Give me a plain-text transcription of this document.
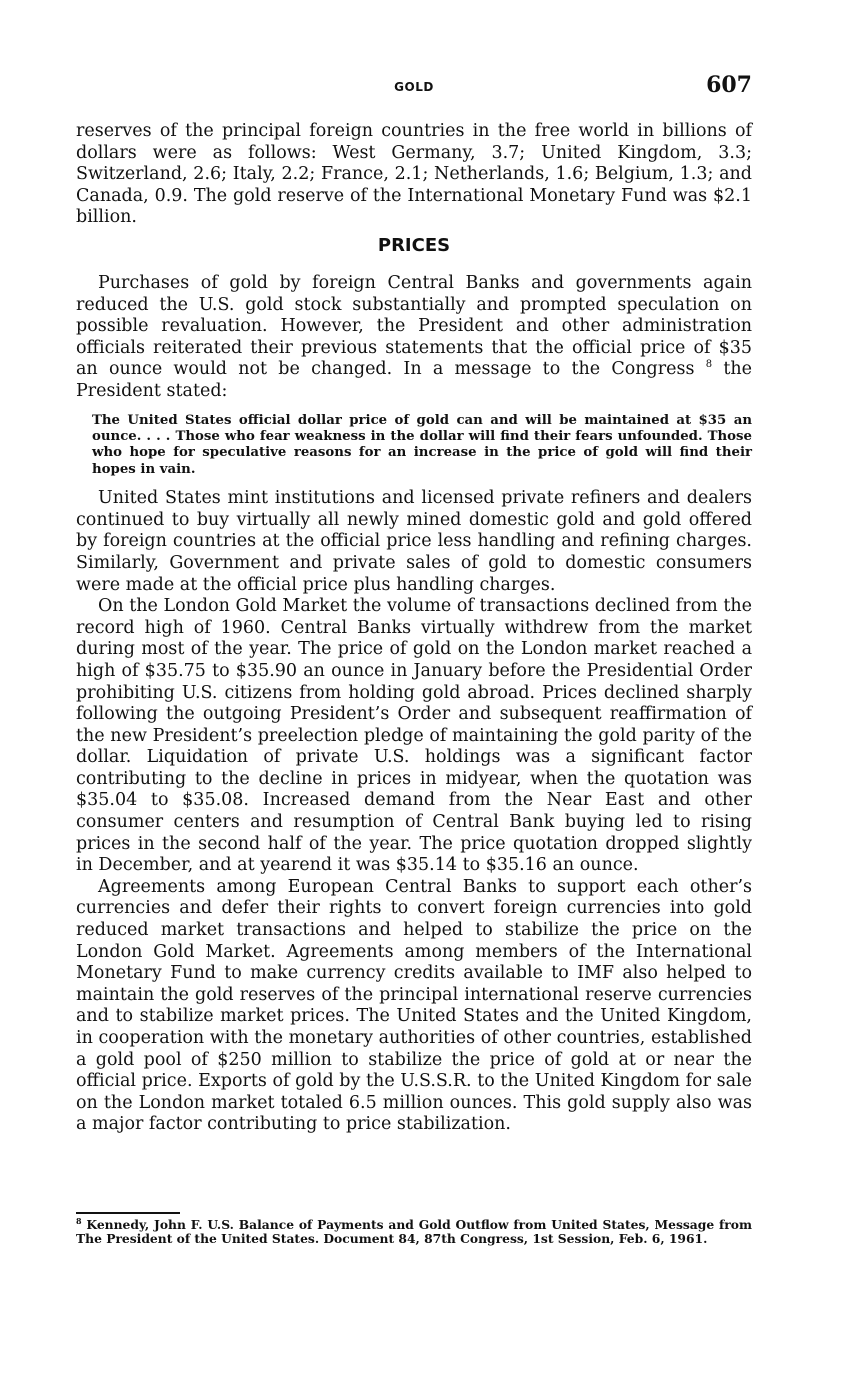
GOLD	607

reserves of the principal foreign countries in the free world in billions of dollars were as follows: West Germany, 3.7; United Kingdom, 3.3; Switzerland, 2.6; Italy, 2.2; France, 2.1; Netherlands, 1.6; Belgium, 1.3; and Canada, 0.9. The gold reserve of the International Monetary Fund was $2.1 billion.

PRICES

Purchases of gold by foreign Central Banks and governments again reduced the U.S. gold stock substantially and prompted speculation on possible revaluation. However, the President and other administration officials reiterated their previous statements that the official price of $35 an ounce would not be changed. In a message to the Congress $^8$ the President stated:

The United States official dollar price of gold can and will be maintained at $35 an ounce. . . . Those who fear weakness in the dollar will find their fears unfounded. Those who hope for speculative reasons for an increase in the price of gold will find their hopes in vain.

United States mint institutions and licensed private refiners and dealers continued to buy virtually all newly mined domestic gold and gold offered by foreign countries at the official price less handling and refining charges. Similarly, Government and private sales of gold to domestic consumers were made at the official price plus handling charges.

On the London Gold Market the volume of transactions declined from the record high of 1960. Central Banks virtually withdrew from the market during most of the year. The price of gold on the London market reached a high of $35.75 to $35.90 an ounce in January before the Presidential Order prohibiting U.S. citizens from holding gold abroad. Prices declined sharply following the outgoing President’s Order and subsequent reaffirmation of the new President’s preelection pledge of maintaining the gold parity of the dollar. Liquidation of private U.S. holdings was a significant factor contributing to the decline in prices in midyear, when the quotation was $35.04 to $35.08. Increased demand from the Near East and other consumer centers and resumption of Central Bank buying led to rising prices in the second half of the year. The price quotation dropped slightly in December, and at yearend it was $35.14 to $35.16 an ounce.

Agreements among European Central Banks to support each other’s currencies and defer their rights to convert foreign currencies into gold reduced market transactions and helped to stabilize the price on the London Gold Market. Agreements among members of the International Monetary Fund to make currency credits available to IMF also helped to maintain the gold reserves of the principal international reserve currencies and to stabilize market prices. The United States and the United Kingdom, in cooperation with the monetary authorities of other countries, established a gold pool of $250 million to stabilize the price of gold at or near the official price. Exports of gold by the U.S.S.R. to the United Kingdom for sale on the London market totaled 6.5 million ounces. This gold supply also was a major factor contributing to price stabilization.

$^8$ Kennedy, John F. U.S. Balance of Payments and Gold Outflow from United States, Message from The President of the United States. Document 84, 87th Congress, 1st Session, Feb. 6, 1961.
